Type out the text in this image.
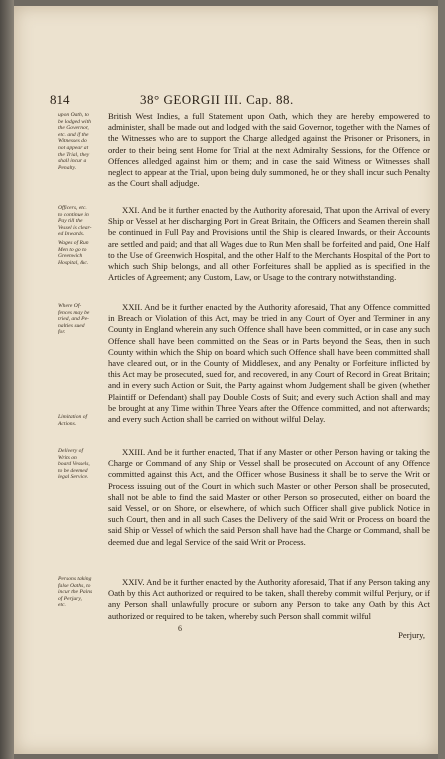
814	38° GEORGII III. Cap. 88.
upon Oath, to
be lodged with
the Governor,
etc. and if the
Witnesses do
not appear at
the Trial, they
shall incur a
Penalty.
Officers, etc.
to continue in
Pay till the
Vessel is clear-
ed Inwards.
Wages of Run
Men to go to
Greenwich
Hospital, &c.
Where Of-
fences may be
tried, and Pe-
nalties sued
for.
Limitation of
Actions.
Delivery of
Writs on
board Vessels,
to be deemed
legal Service.
Persons taking
false Oaths, to
incur the Pains
of Perjury,
etc.

British West Indies, a full Statement upon Oath, which they are hereby empowered to administer, shall be made out and lodged with the said Governor, together with the Names of the Witnesses who are to support the Charge alledged against the Prisoner or Prisoners, in order to their being sent Home for Trial at the next Admiralty Sessions, for the Offence or Offences alledged against him or them; and in case the said Witness or Witnesses shall neglect to appear at the Trial, upon being duly summoned, he or they shall incur such Penalty as the Court shall adjudge.

XXI. And be it further enacted by the Authority aforesaid, That upon the Arrival of every Ship or Vessel at her discharging Port in Great Britain, the Officers and Seamen therein shall be continued in Full Pay and Provisions until the Ship is cleared Inwards, or their Accounts are settled and paid; and that all Wages due to Run Men shall be forfeited and paid, One Half to the Use of Greenwich Hospital, and the other Half to the Merchants Hospital of the Port to which such Ship belongs, and all other Forfeitures shall be applied as is specified in the Articles of Agreement; any Custom, Law, or Usage to the contrary notwithstanding.

XXII. And be it further enacted by the Authority aforesaid, That any Offence committed in Breach or Violation of this Act, may be tried in any Court of Oyer and Terminer in any County in England wherein any such Offence shall have been committed, or in case any such Offence shall have been committed on the Seas or in Parts beyond the Seas, then in such County within which the Ship on board which such Offence shall have been committed shall have cleared out, or in the County of Middlesex, and any Penalty or Forfeiture inflicted by this Act may be prosecuted, sued for, and recovered, in any Court of Record in Great Britain; and in every such Action or Suit, the Party against whom Judgement shall be given (whether Plaintiff or Defendant) shall pay Double Costs of Suit; and every such Action shall and may be brought at any Time within Three Years after the Offence committed, and not afterwards; and every such Action shall be carried on without wilful Delay.

XXIII. And be it further enacted, That if any Master or other Person having or taking the Charge or Command of any Ship or Vessel shall be prosecuted on Account of any Offence committed against this Act, and the Officer whose Business it shall be to serve the Writ or Process issuing out of the Court in which such Master or other Person shall be prosecuted, shall not be able to find the said Master or other Person so prosecuted, either on board the said Vessel, or on Shore, or elsewhere, of which such Officer shall give publick Notice in such Court, then and in all such Cases the Delivery of the said Writ or Process on board the said Ship or Vessel of which the said Person shall have had the Charge or Command, shall be deemed due and legal Service of the said Writ or Process.

XXIV. And be it further enacted by the Authority aforesaid, That if any Person taking any Oath by this Act authorized or required to be taken, shall thereby commit wilful Perjury, or if any Person shall unlawfully procure or suborn any Person to take any Oath by this Act authorized or required to be taken, whereby such Person shall commit wilful

6
Perjury,
